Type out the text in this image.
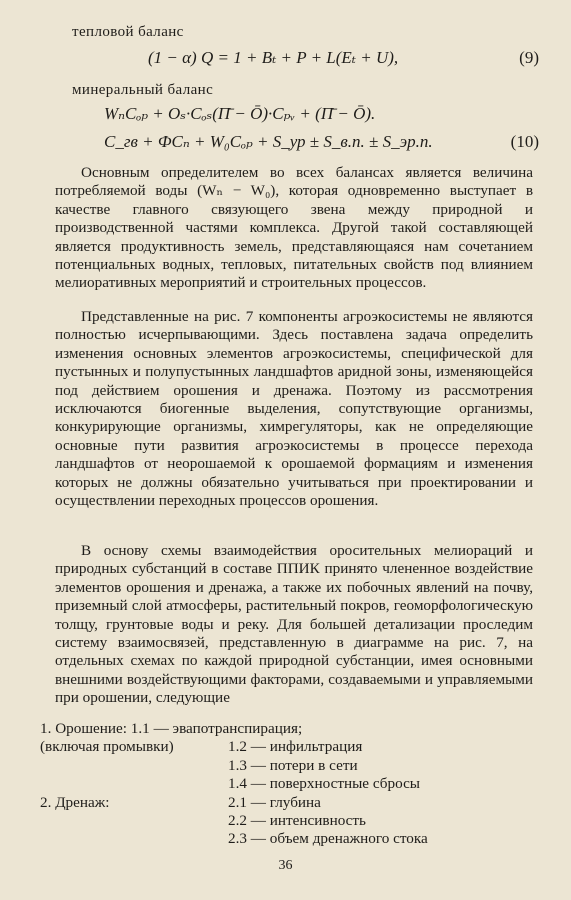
тепловой баланс
(1 − α) Q = 1 + Bₜ + P + L(Eₜ + U),	(9)
минеральный баланс
WₙCₒₚ + Oₛ·Cₒₛ(П̄ − Ō)·Cₚᵥ + (П̄ − Ō).
C_гв + ФCₙ + W₀Cₒₚ + S_ур ± S_в.п. ± S_эр.п.	(10)

Основным определителем во всех балансах является величина потребляемой воды (Wₙ − W₀), которая одновременно выступает в качестве главного связующего звена между природной и производственной частями комплекса. Другой такой составляющей является продуктивность земель, представляющаяся нам сочетанием потенциальных водных, тепловых, питательных свойств под влиянием мелиоративных мероприятий и строительных процессов.

Представленные на рис. 7 компоненты агроэкосистемы не являются полностью исчерпывающими. Здесь поставлена задача определить изменения основных элементов агроэкосистемы, специфической для пустынных и полупустынных ландшафтов аридной зоны, изменяющейся под действием орошения и дренажа. Поэтому из рассмотрения исключаются биогенные выделения, сопутствующие организмы, конкурирующие организмы, химрегуляторы, как не определяющие основные пути развития агроэкосистемы в процессе перехода ландшафтов от неорошаемой к орошаемой формациям и изменения которых не должны обязательно учитываться при проектировании и осуществлении переходных процессов орошения.

В основу схемы взаимодействия оросительных мелиораций и природных субстанций в составе ППИК принято члененное воздействие элементов орошения и дренажа, а также их побочных явлений на почву, приземный слой атмосферы, растительный покров, геоморфологическую толщу, грунтовые воды и реку. Для большей детализации проследим систему взаимосвязей, представленную в диаграмме на рис. 7, на отдельных схемах по каждой природной субстанции, имея основными внешними воздействующими факторами, создаваемыми и управляемыми при орошении, следующие

1. Орошение: 1.1 — эвапотранспирация;
(включая промывки)	1.2 — инфильтрация
1.3 — потери в сети
1.4 — поверхностные сбросы
2. Дренаж:	2.1 — глубина
2.2 — интенсивность
2.3 — объем дренажного стока
36
